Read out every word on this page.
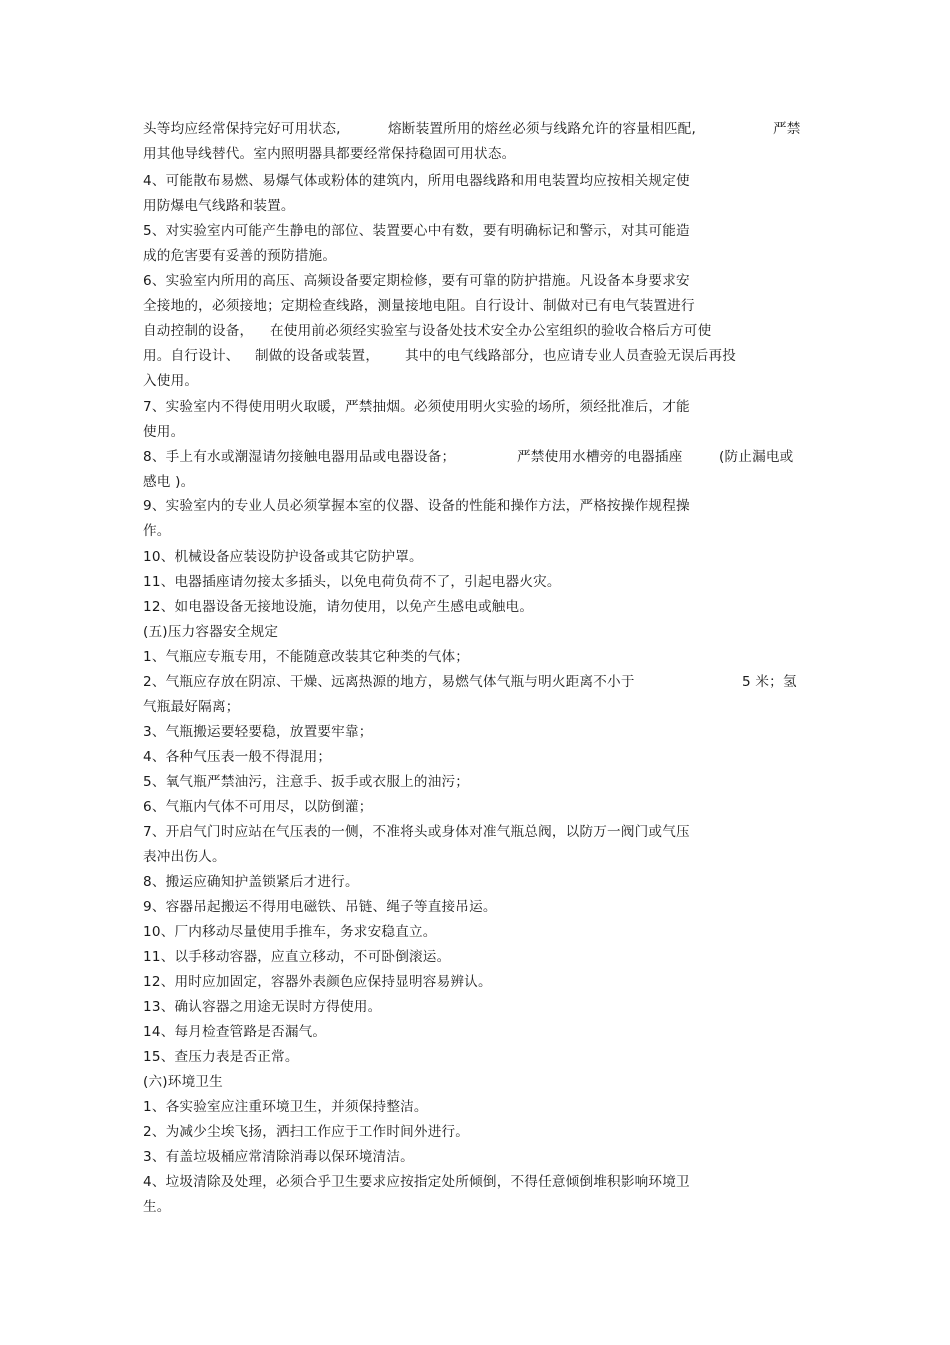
头等均应经常保持完好可用状态,	熔断装置所用的熔丝必须与线路允许的容量相匹配,	严禁
用其他导线替代。室内照明器具都要经常保持稳固可用状态。
4、可能散布易燃、易爆气体或粉体的建筑内，所用电器线路和用电装置均应按相关规定使
用防爆电气线路和装置。
5、对实验室内可能产生静电的部位、装置要心中有数，要有明确标记和警示，对其可能造
成的危害要有妥善的预防措施。
6、实验室内所用的高压、高频设备要定期检修，要有可靠的防护措施。凡设备本身要求安
全接地的，必须接地；定期检查线路，测量接地电阻。自行设计、制做对已有电气装置进行
自动控制的设备， 在使用前必须经实验室与设备处技术安全办公室组织的验收合格后方可使
用。自行设计、 制做的设备或装置， 其中的电气线路部分，也应请专业人员查验无误后再投
入使用。
7、实验室内不得使用明火取暖，严禁抽烟。必须使用明火实验的场所，须经批准后，才能
使用。
8、手上有水或潮湿请勿接触电器用品或电器设备；	严禁使用水槽旁的电器插座	(防止漏电或
感电 )。
9、实验室内的专业人员必须掌握本室的仪器、设备的性能和操作方法，严格按操作规程操
作。
10、机械设备应装设防护设备或其它防护罩。
11、电器插座请勿接太多插头，以免电荷负荷不了，引起电器火灾。
12、如电器设备无接地设施，请勿使用，以免产生感电或触电。
(五)压力容器安全规定
1、气瓶应专瓶专用，不能随意改装其它种类的气体；
2、气瓶应存放在阴凉、干燥、远离热源的地方，易燃气体气瓶与明火距离不小于	5 米；氢
气瓶最好隔离；
3、气瓶搬运要轻要稳，放置要牢靠；
4、各种气压表一般不得混用；
5、氧气瓶严禁油污，注意手、扳手或衣服上的油污；
6、气瓶内气体不可用尽，以防倒灌；
7、开启气门时应站在气压表的一侧，不准将头或身体对准气瓶总阀，以防万一阀门或气压
表冲出伤人。
8、搬运应确知护盖锁紧后才进行。
9、容器吊起搬运不得用电磁铁、吊链、绳子等直接吊运。
10、厂内移动尽量使用手推车，务求安稳直立。
11、以手移动容器，应直立移动，不可卧倒滚运。
12、用时应加固定，容器外表颜色应保持显明容易辨认。
13、确认容器之用途无误时方得使用。
14、每月检查管路是否漏气。
15、查压力表是否正常。
(六)环境卫生
1、各实验室应注重环境卫生，并须保持整洁。
2、为减少尘埃飞扬，洒扫工作应于工作时间外进行。
3、有盖垃圾桶应常清除消毒以保环境清洁。
4、垃圾清除及处理，必须合乎卫生要求应按指定处所倾倒，不得任意倾倒堆积影响环境卫
生。
